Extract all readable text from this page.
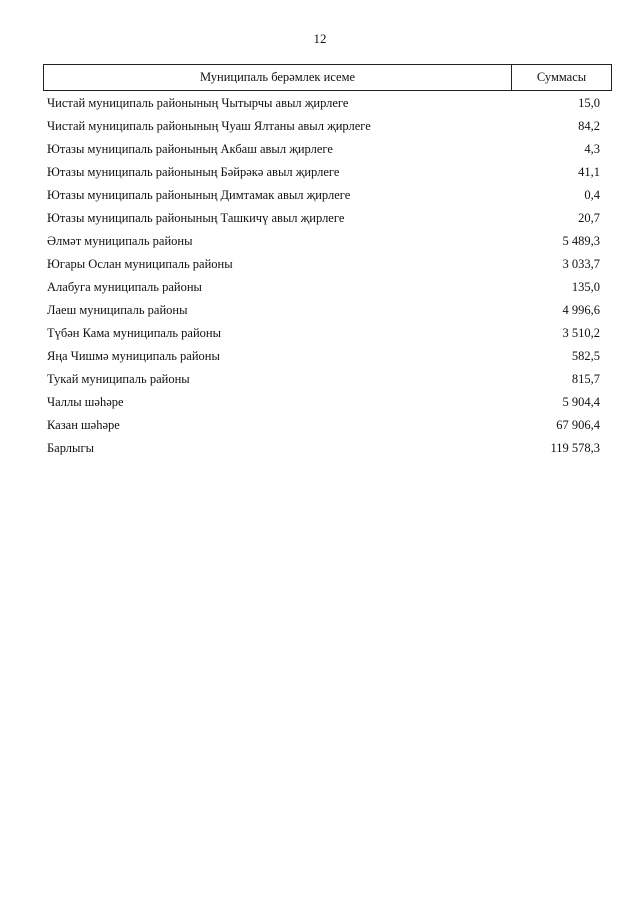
12
Муниципаль берәмлек исеме	Суммасы
Чистай муниципаль районының Чытырчы авыл җирлеге	15,0
Чистай муниципаль районының Чуаш Ялтаны авыл җирлеге	84,2
Ютазы муниципаль районының Акбаш авыл җирлеге	4,3
Ютазы муниципаль районының Бәйрәкә авыл җирлеге	41,1
Ютазы муниципаль районының Димтамак авыл җирлеге	0,4
Ютазы муниципаль районының Ташкичү авыл җирлеге	20,7
Әлмәт муниципаль районы	5 489,3
Югары Ослан муниципаль районы	3 033,7
Алабуга муниципаль районы	135,0
Лаеш муниципаль районы	4 996,6
Түбән Кама муниципаль районы	3 510,2
Яңа Чишмә муниципаль районы	582,5
Тукай муниципаль районы	815,7
Чаллы шәһәре	5 904,4
Казан шәһәре	67 906,4
Барлыгы	119 578,3
